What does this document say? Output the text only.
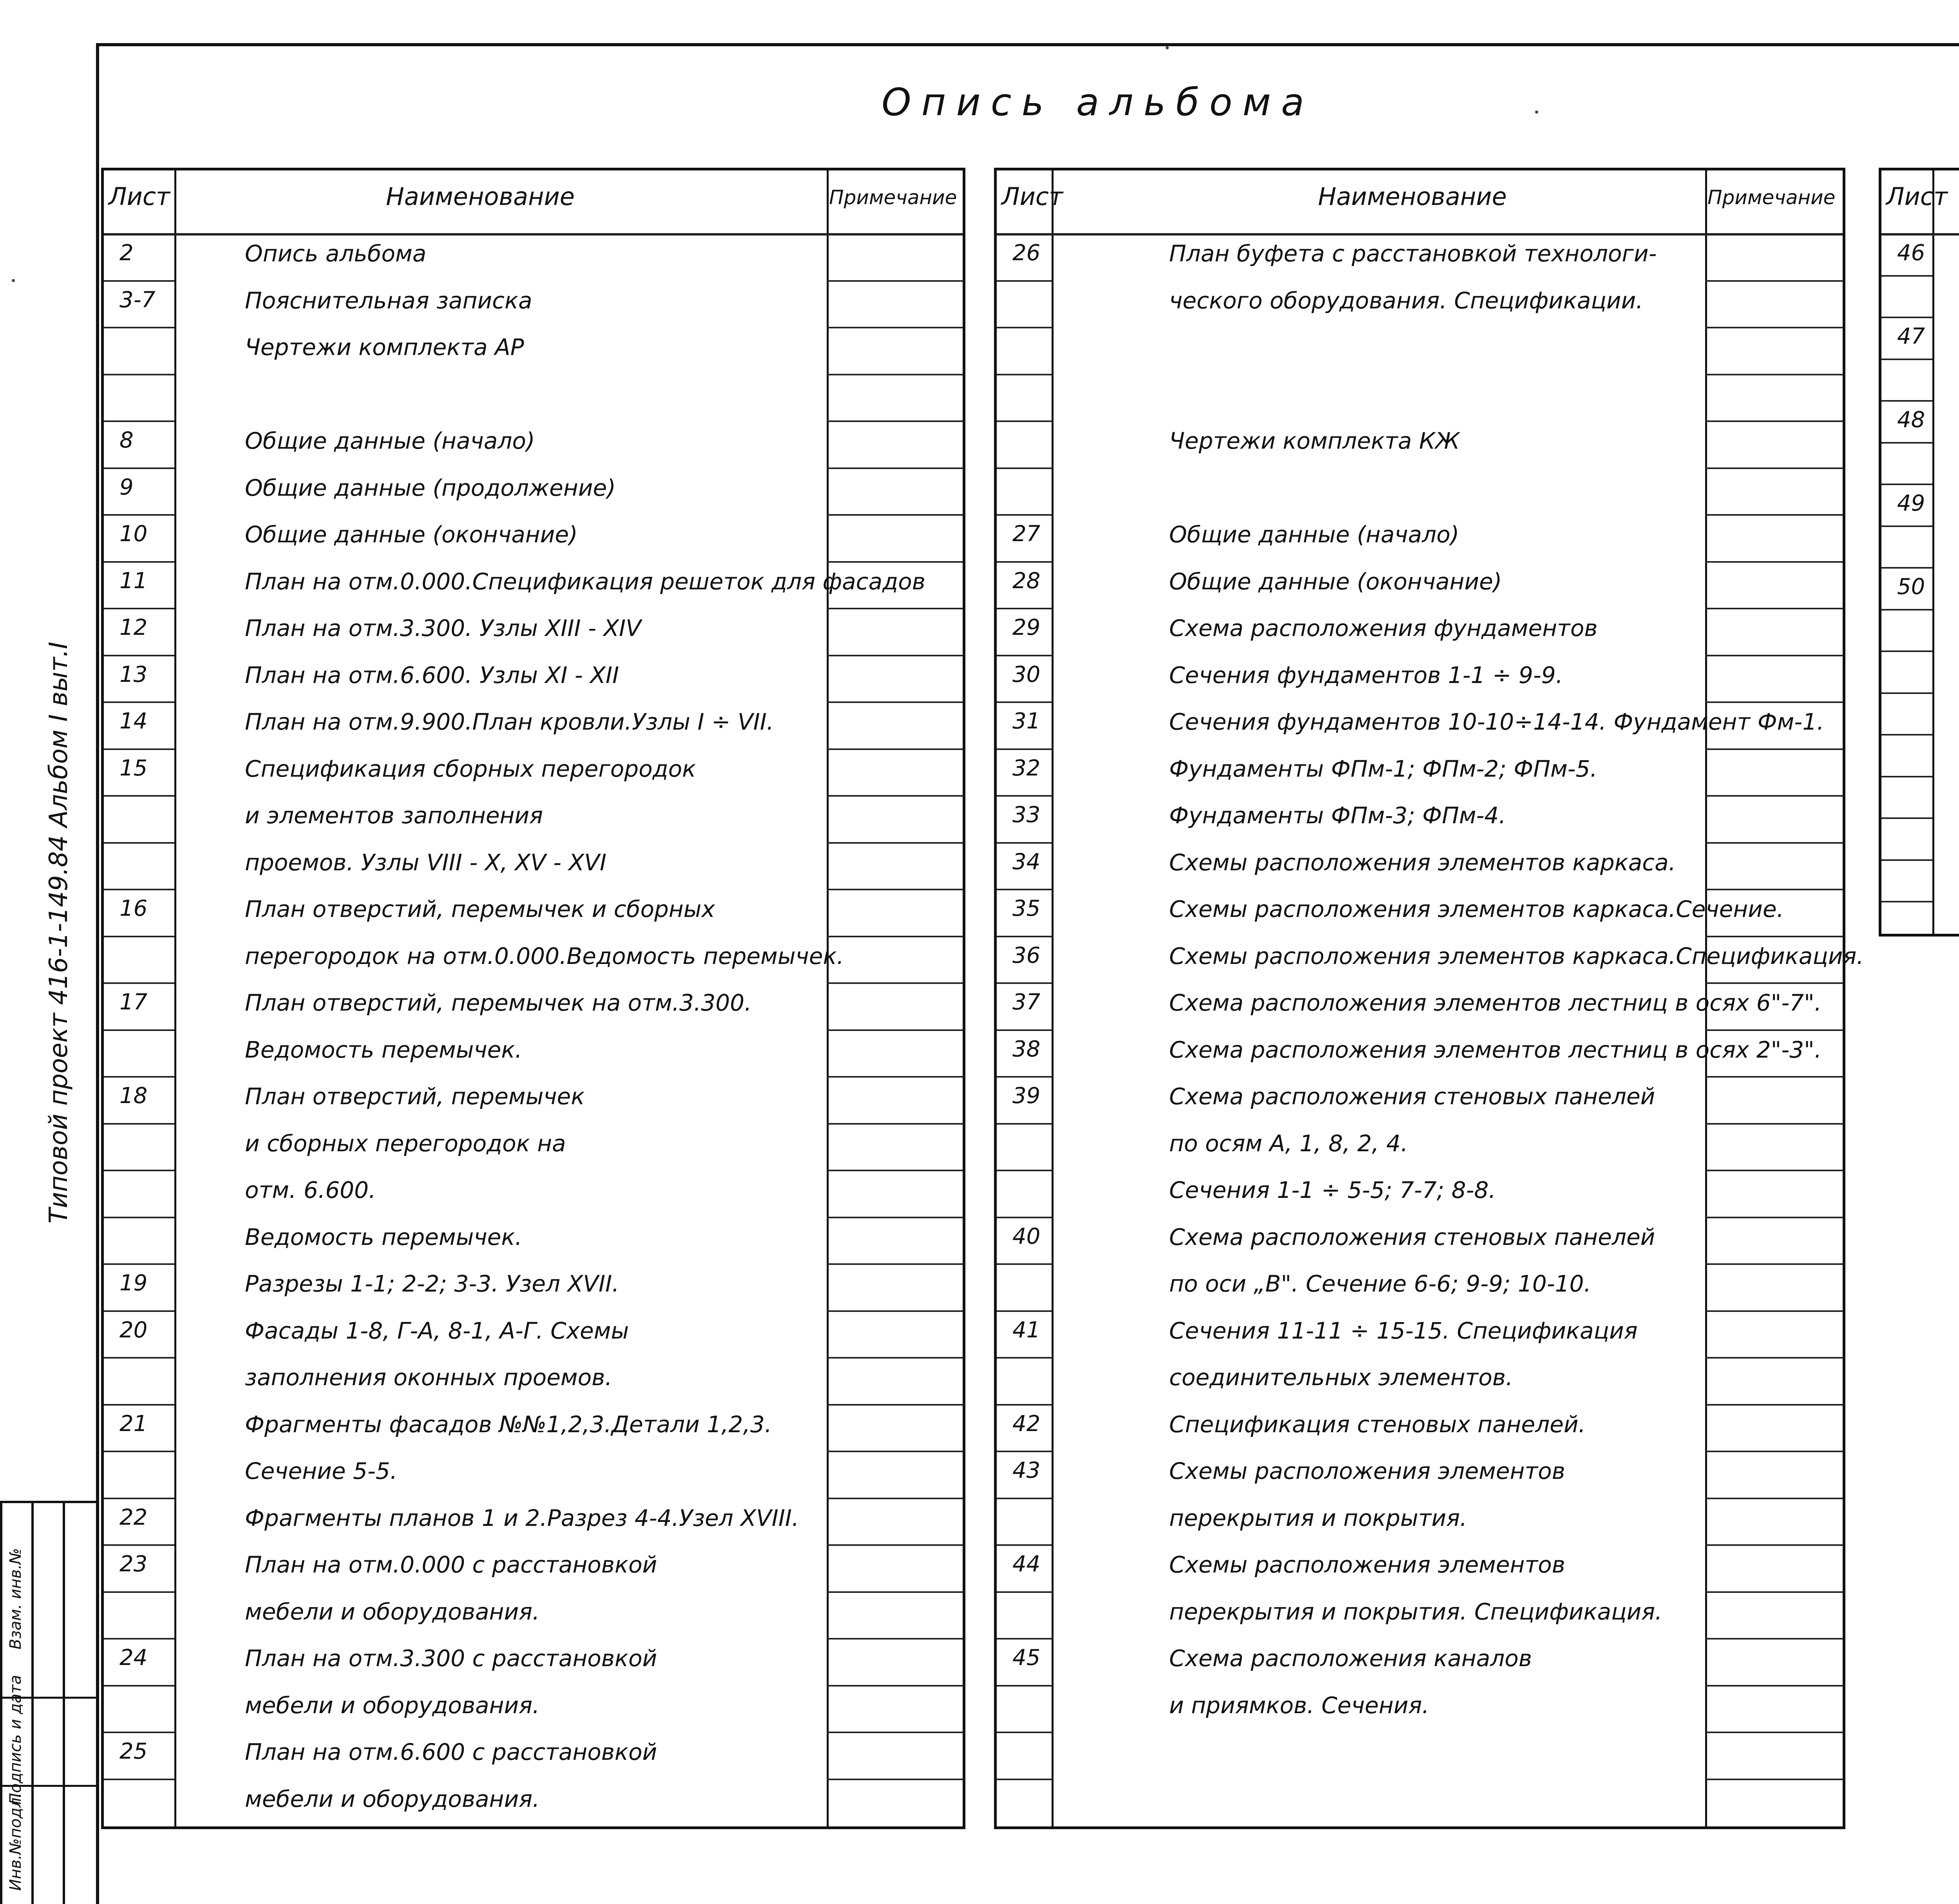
Опись альбома
Типовой проект 416-1-149.84 Альбом I выт.I
Инв.№подл.
Подпись и дата
Взам. инв.№
Лист	Наименование	Примечание
2	Опись альбома
3-7	Пояснительная записка
Чертежи комплекта АР
8	Общие данные (начало)
9	Общие данные (продолжение)
10	Общие данные (окончание)
11	План на отм.0.000.Спецификация решеток для фасадов
12	План на отм.3.300. Узлы XIII - XIV
13	План на отм.6.600. Узлы XI - XII
14	План на отм.9.900.План кровли.Узлы I ÷ VII.
15	Спецификация сборных перегородок
и элементов заполнения
проемов. Узлы VIII - X, XV - XVI
16	План отверстий, перемычек и сборных
перегородок на отм.0.000.Ведомость перемычек.
17	План отверстий, перемычек на отм.3.300.
Ведомость перемычек.
18	План отверстий, перемычек
и сборных перегородок на
отм. 6.600.
Ведомость перемычек.
19	Разрезы 1-1; 2-2; 3-3. Узел XVII.
20	Фасады 1-8, Г-А, 8-1, А-Г. Схемы
заполнения оконных проемов.
21	Фрагменты фасадов №№1,2,3.Детали 1,2,3.
Сечение 5-5.
22	Фрагменты планов 1 и 2.Разрез 4-4.Узел XVIII.
23	План на отм.0.000 с расстановкой
мебели и оборудования.
24	План на отм.3.300 с расстановкой
мебели и оборудования.
25	План на отм.6.600 с расстановкой
мебели и оборудования.
Лист	Наименование	Примечание
26	План буфета с расстановкой технологи-
ческого оборудования. Спецификации.
Чертежи комплекта КЖ
27	Общие данные (начало)
28	Общие данные (окончание)
29	Схема расположения фундаментов
30	Сечения фундаментов 1-1 ÷ 9-9.
31	Сечения фундаментов 10-10÷14-14. Фундамент Фм-1.
32	Фундаменты ФПм-1; ФПм-2; ФПм-5.
33	Фундаменты ФПм-3; ФПм-4.
34	Схемы расположения элементов каркаса.
35	Схемы расположения элементов каркаса.Сечение.
36	Схемы расположения элементов каркаса.Спецификация.
37	Схема расположения элементов лестниц в осях 6"-7".
38	Схема расположения элементов лестниц в осях 2"-3".
39	Схема расположения стеновых панелей
по осям А, 1, 8, 2, 4.
Сечения 1-1 ÷ 5-5; 7-7; 8-8.
40	Схема расположения стеновых панелей
по оси „В". Сечение 6-6; 9-9; 10-10.
41	Сечения 11-11 ÷ 15-15. Спецификация
соединительных элементов.
42	Спецификация стеновых панелей.
43	Схемы расположения элементов
перекрытия и покрытия.
44	Схемы расположения элементов
перекрытия и покрытия. Спецификация.
45	Схема расположения каналов
и приямков. Сечения.
Лист
46
47
48
49
50
